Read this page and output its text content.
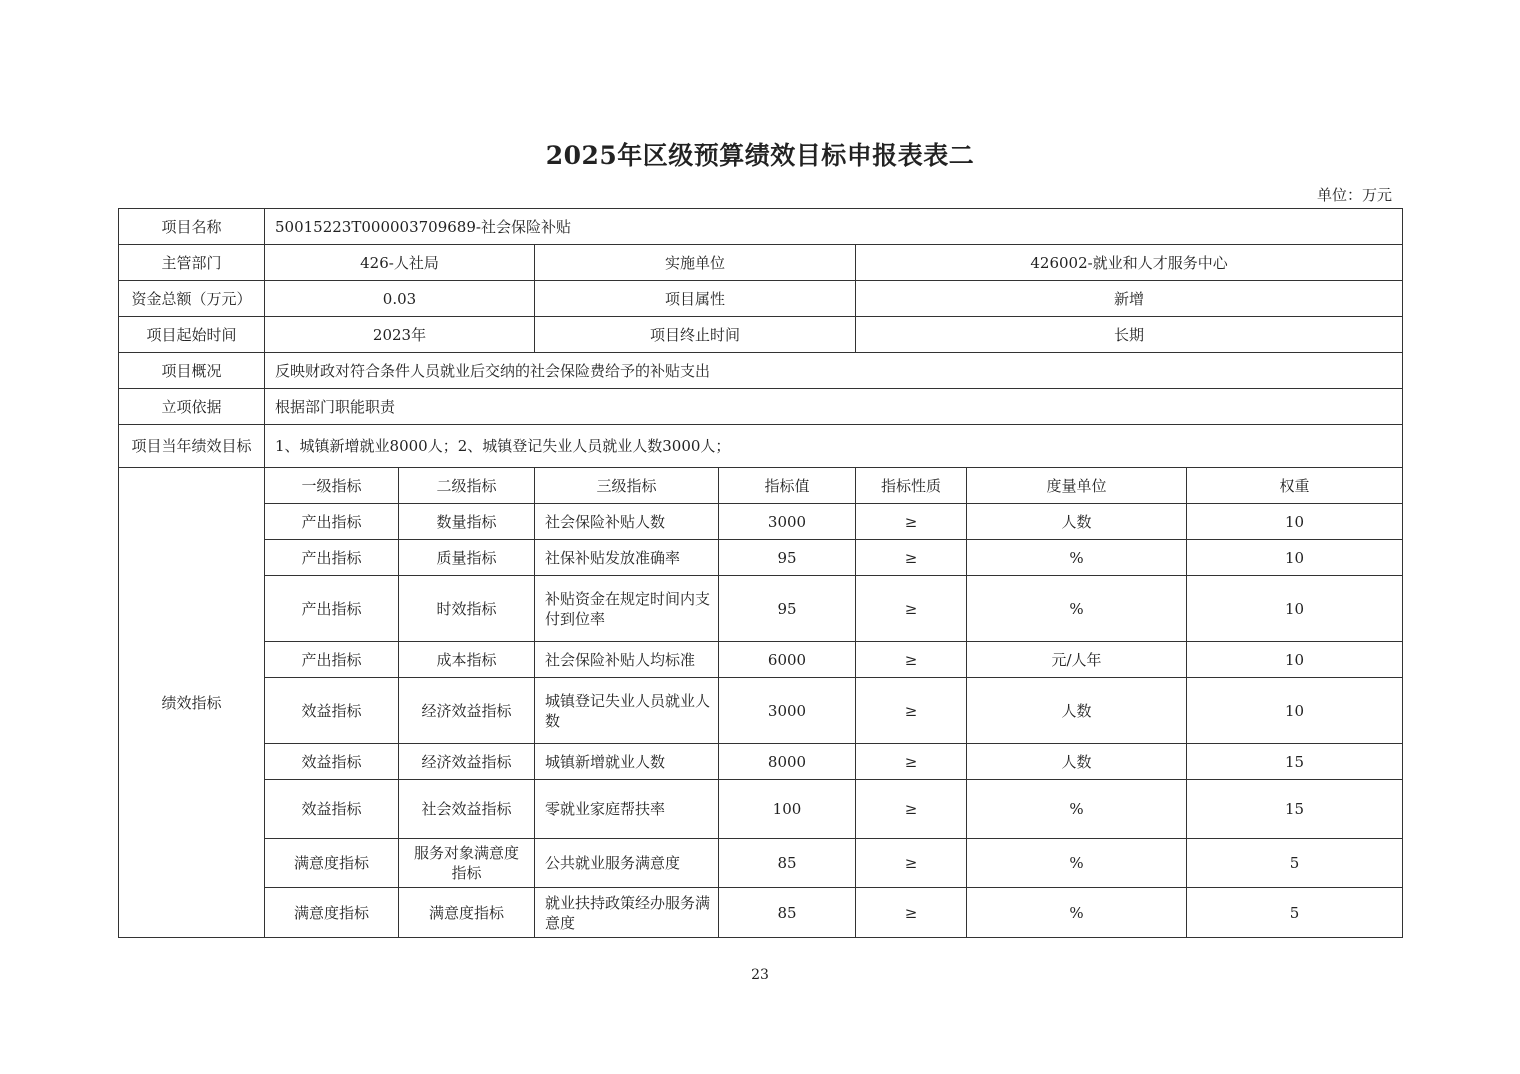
2025年区级预算绩效目标申报表表二
单位：万元
项目名称	50015223T000003709689-社会保险补贴						
主管部门	426-人社局		实施单位		426002-就业和人才服务中心		
资金总额（万元）	0.03		项目属性		新增		
项目起始时间	2023年		项目终止时间		长期		
项目概况	反映财政对符合条件人员就业后交纳的社会保险费给予的补贴支出						
立项依据	根据部门职能职责						
项目当年绩效目标	1、城镇新增就业8000人；2、城镇登记失业人员就业人数3000人；						
绩效指标	一级指标	二级指标	三级指标	指标值	指标性质	度量单位	权重
	产出指标	数量指标	社会保险补贴人数	3000	≥	人数	10
	产出指标	质量指标	社保补贴发放准确率	95	≥	%	10
	产出指标	时效指标	补贴资金在规定时间内支付到位率	95	≥	%	10
	产出指标	成本指标	社会保险补贴人均标准	6000	≥	元/人年	10
	效益指标	经济效益指标	城镇登记失业人员就业人数	3000	≥	人数	10
	效益指标	经济效益指标	城镇新增就业人数	8000	≥	人数	15
	效益指标	社会效益指标	零就业家庭帮扶率	100	≥	%	15
	满意度指标	服务对象满意度指标	公共就业服务满意度	85	≥	%	5
	满意度指标	满意度指标	就业扶持政策经办服务满意度	85	≥	%	5
23
